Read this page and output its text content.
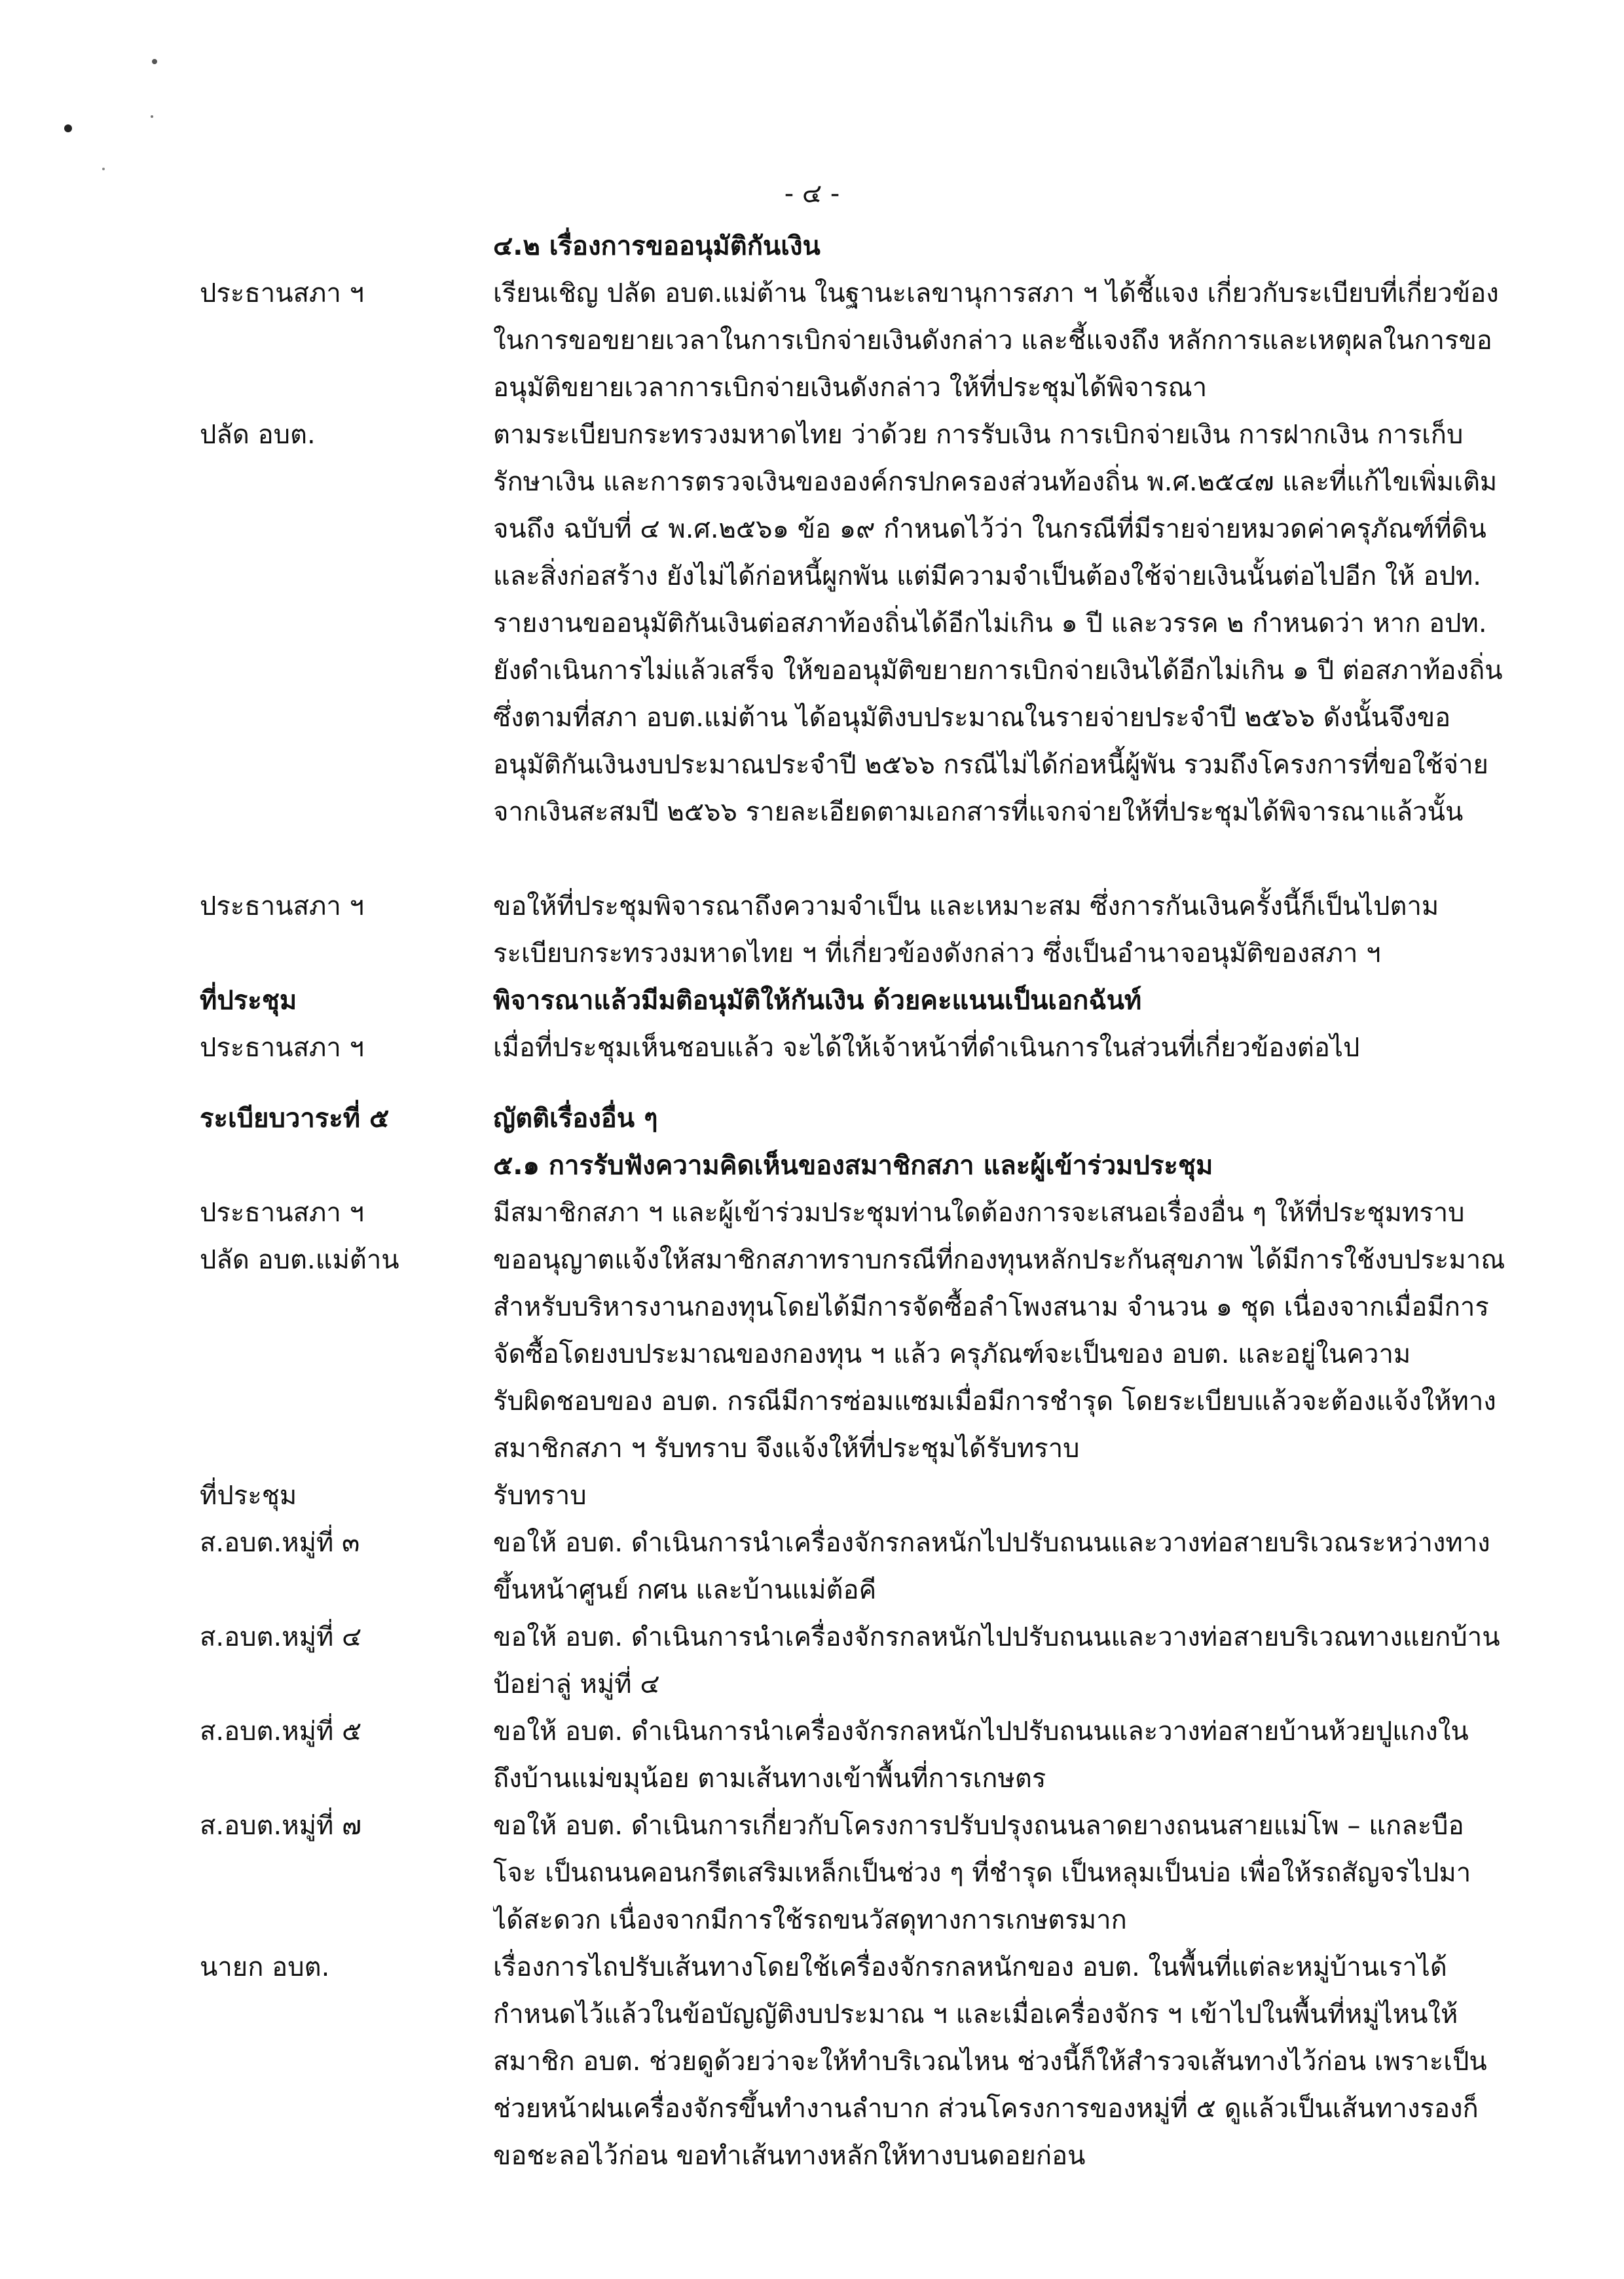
- ๔ -
๔.๒ เรื่องการขออนุมัติกันเงิน
ประธานสภา ฯ	เรียนเชิญ ปลัด อบต.แม่ต้าน ในฐานะเลขานุการสภา ฯ ได้ชี้แจง เกี่ยวกับระเบียบที่เกี่ยวข้อง
ในการขอขยายเวลาในการเบิกจ่ายเงินดังกล่าว และชี้แจงถึง หลักการและเหตุผลในการขอ
อนุมัติขยายเวลาการเบิกจ่ายเงินดังกล่าว ให้ที่ประชุมได้พิจารณา
ปลัด อบต.	ตามระเบียบกระทรวงมหาดไทย ว่าด้วย การรับเงิน การเบิกจ่ายเงิน การฝากเงิน การเก็บ
รักษาเงิน และการตรวจเงินขององค์กรปกครองส่วนท้องถิ่น พ.ศ.๒๕๔๗ และที่แก้ไขเพิ่มเติม
จนถึง ฉบับที่ ๔ พ.ศ.๒๕๖๑ ข้อ ๑๙ กำหนดไว้ว่า ในกรณีที่มีรายจ่ายหมวดค่าครุภัณฑ์ที่ดิน
และสิ่งก่อสร้าง ยังไม่ได้ก่อหนี้ผูกพัน แต่มีความจำเป็นต้องใช้จ่ายเงินนั้นต่อไปอีก ให้ อปท.
รายงานขออนุมัติกันเงินต่อสภาท้องถิ่นได้อีกไม่เกิน ๑ ปี และวรรค ๒ กำหนดว่า หาก อปท.
ยังดำเนินการไม่แล้วเสร็จ ให้ขออนุมัติขยายการเบิกจ่ายเงินได้อีกไม่เกิน ๑ ปี ต่อสภาท้องถิ่น
ซึ่งตามที่สภา อบต.แม่ต้าน ได้อนุมัติงบประมาณในรายจ่ายประจำปี ๒๕๖๖ ดังนั้นจึงขอ
อนุมัติกันเงินงบประมาณประจำปี ๒๕๖๖ กรณีไม่ได้ก่อหนี้ผู้พัน รวมถึงโครงการที่ขอใช้จ่าย
จากเงินสะสมปี ๒๕๖๖ รายละเอียดตามเอกสารที่แจกจ่ายให้ที่ประชุมได้พิจารณาแล้วนั้น
ประธานสภา ฯ	ขอให้ที่ประชุมพิจารณาถึงความจำเป็น และเหมาะสม ซึ่งการกันเงินครั้งนี้ก็เป็นไปตาม
ระเบียบกระทรวงมหาดไทย ฯ ที่เกี่ยวข้องดังกล่าว ซึ่งเป็นอำนาจอนุมัติของสภา ฯ
ที่ประชุม	พิจารณาแล้วมีมติอนุมัติให้กันเงิน ด้วยคะแนนเป็นเอกฉันท์
ประธานสภา ฯ	เมื่อที่ประชุมเห็นชอบแล้ว จะได้ให้เจ้าหน้าที่ดำเนินการในส่วนที่เกี่ยวข้องต่อไป
ระเบียบวาระที่ ๕	ญัตติเรื่องอื่น ๆ
๕.๑ การรับฟังความคิดเห็นของสมาชิกสภา และผู้เข้าร่วมประชุม
ประธานสภา ฯ	มีสมาชิกสภา ฯ และผู้เข้าร่วมประชุมท่านใดต้องการจะเสนอเรื่องอื่น ๆ ให้ที่ประชุมทราบ
ปลัด อบต.แม่ต้าน	ขออนุญาตแจ้งให้สมาชิกสภาทราบกรณีที่กองทุนหลักประกันสุขภาพ ได้มีการใช้งบประมาณ
สำหรับบริหารงานกองทุนโดยได้มีการจัดซื้อลำโพงสนาม จำนวน ๑ ชุด เนื่องจากเมื่อมีการ
จัดซื้อโดยงบประมาณของกองทุน ฯ แล้ว ครุภัณฑ์จะเป็นของ อบต. และอยู่ในความ
รับผิดชอบของ อบต. กรณีมีการซ่อมแซมเมื่อมีการชำรุด โดยระเบียบแล้วจะต้องแจ้งให้ทาง
สมาชิกสภา ฯ รับทราบ จึงแจ้งให้ที่ประชุมได้รับทราบ
ที่ประชุม	รับทราบ
ส.อบต.หมู่ที่ ๓	ขอให้ อบต. ดำเนินการนำเครื่องจักรกลหนักไปปรับถนนและวางท่อสายบริเวณระหว่างทาง
ขึ้นหน้าศูนย์ กศน และบ้านแม่ต้อคี
ส.อบต.หมู่ที่ ๔	ขอให้ อบต. ดำเนินการนำเครื่องจักรกลหนักไปปรับถนนและวางท่อสายบริเวณทางแยกบ้าน
ป้อย่าลู่ หมู่ที่ ๔
ส.อบต.หมู่ที่ ๕	ขอให้ อบต. ดำเนินการนำเครื่องจักรกลหนักไปปรับถนนและวางท่อสายบ้านห้วยปูแกงใน
ถึงบ้านแม่ขมุน้อย ตามเส้นทางเข้าพื้นที่การเกษตร
ส.อบต.หมู่ที่ ๗	ขอให้ อบต. ดำเนินการเกี่ยวกับโครงการปรับปรุงถนนลาดยางถนนสายแม่โพ – แกละบือ
โจะ เป็นถนนคอนกรีตเสริมเหล็กเป็นช่วง ๆ ที่ชำรุด เป็นหลุมเป็นบ่อ เพื่อให้รถสัญจรไปมา
ได้สะดวก เนื่องจากมีการใช้รถขนวัสดุทางการเกษตรมาก
นายก อบต.	เรื่องการไถปรับเส้นทางโดยใช้เครื่องจักรกลหนักของ อบต. ในพื้นที่แต่ละหมู่บ้านเราได้
กำหนดไว้แล้วในข้อบัญญัติงบประมาณ ฯ และเมื่อเครื่องจักร ฯ เข้าไปในพื้นที่หมู่ไหนให้
สมาชิก อบต. ช่วยดูด้วยว่าจะให้ทำบริเวณไหน ช่วงนี้ก็ให้สำรวจเส้นทางไว้ก่อน เพราะเป็น
ช่วยหน้าฝนเครื่องจักรขึ้นทำงานลำบาก ส่วนโครงการของหมู่ที่ ๕ ดูแล้วเป็นเส้นทางรองก็
ขอชะลอไว้ก่อน ขอทำเส้นทางหลักให้ทางบนดอยก่อน
